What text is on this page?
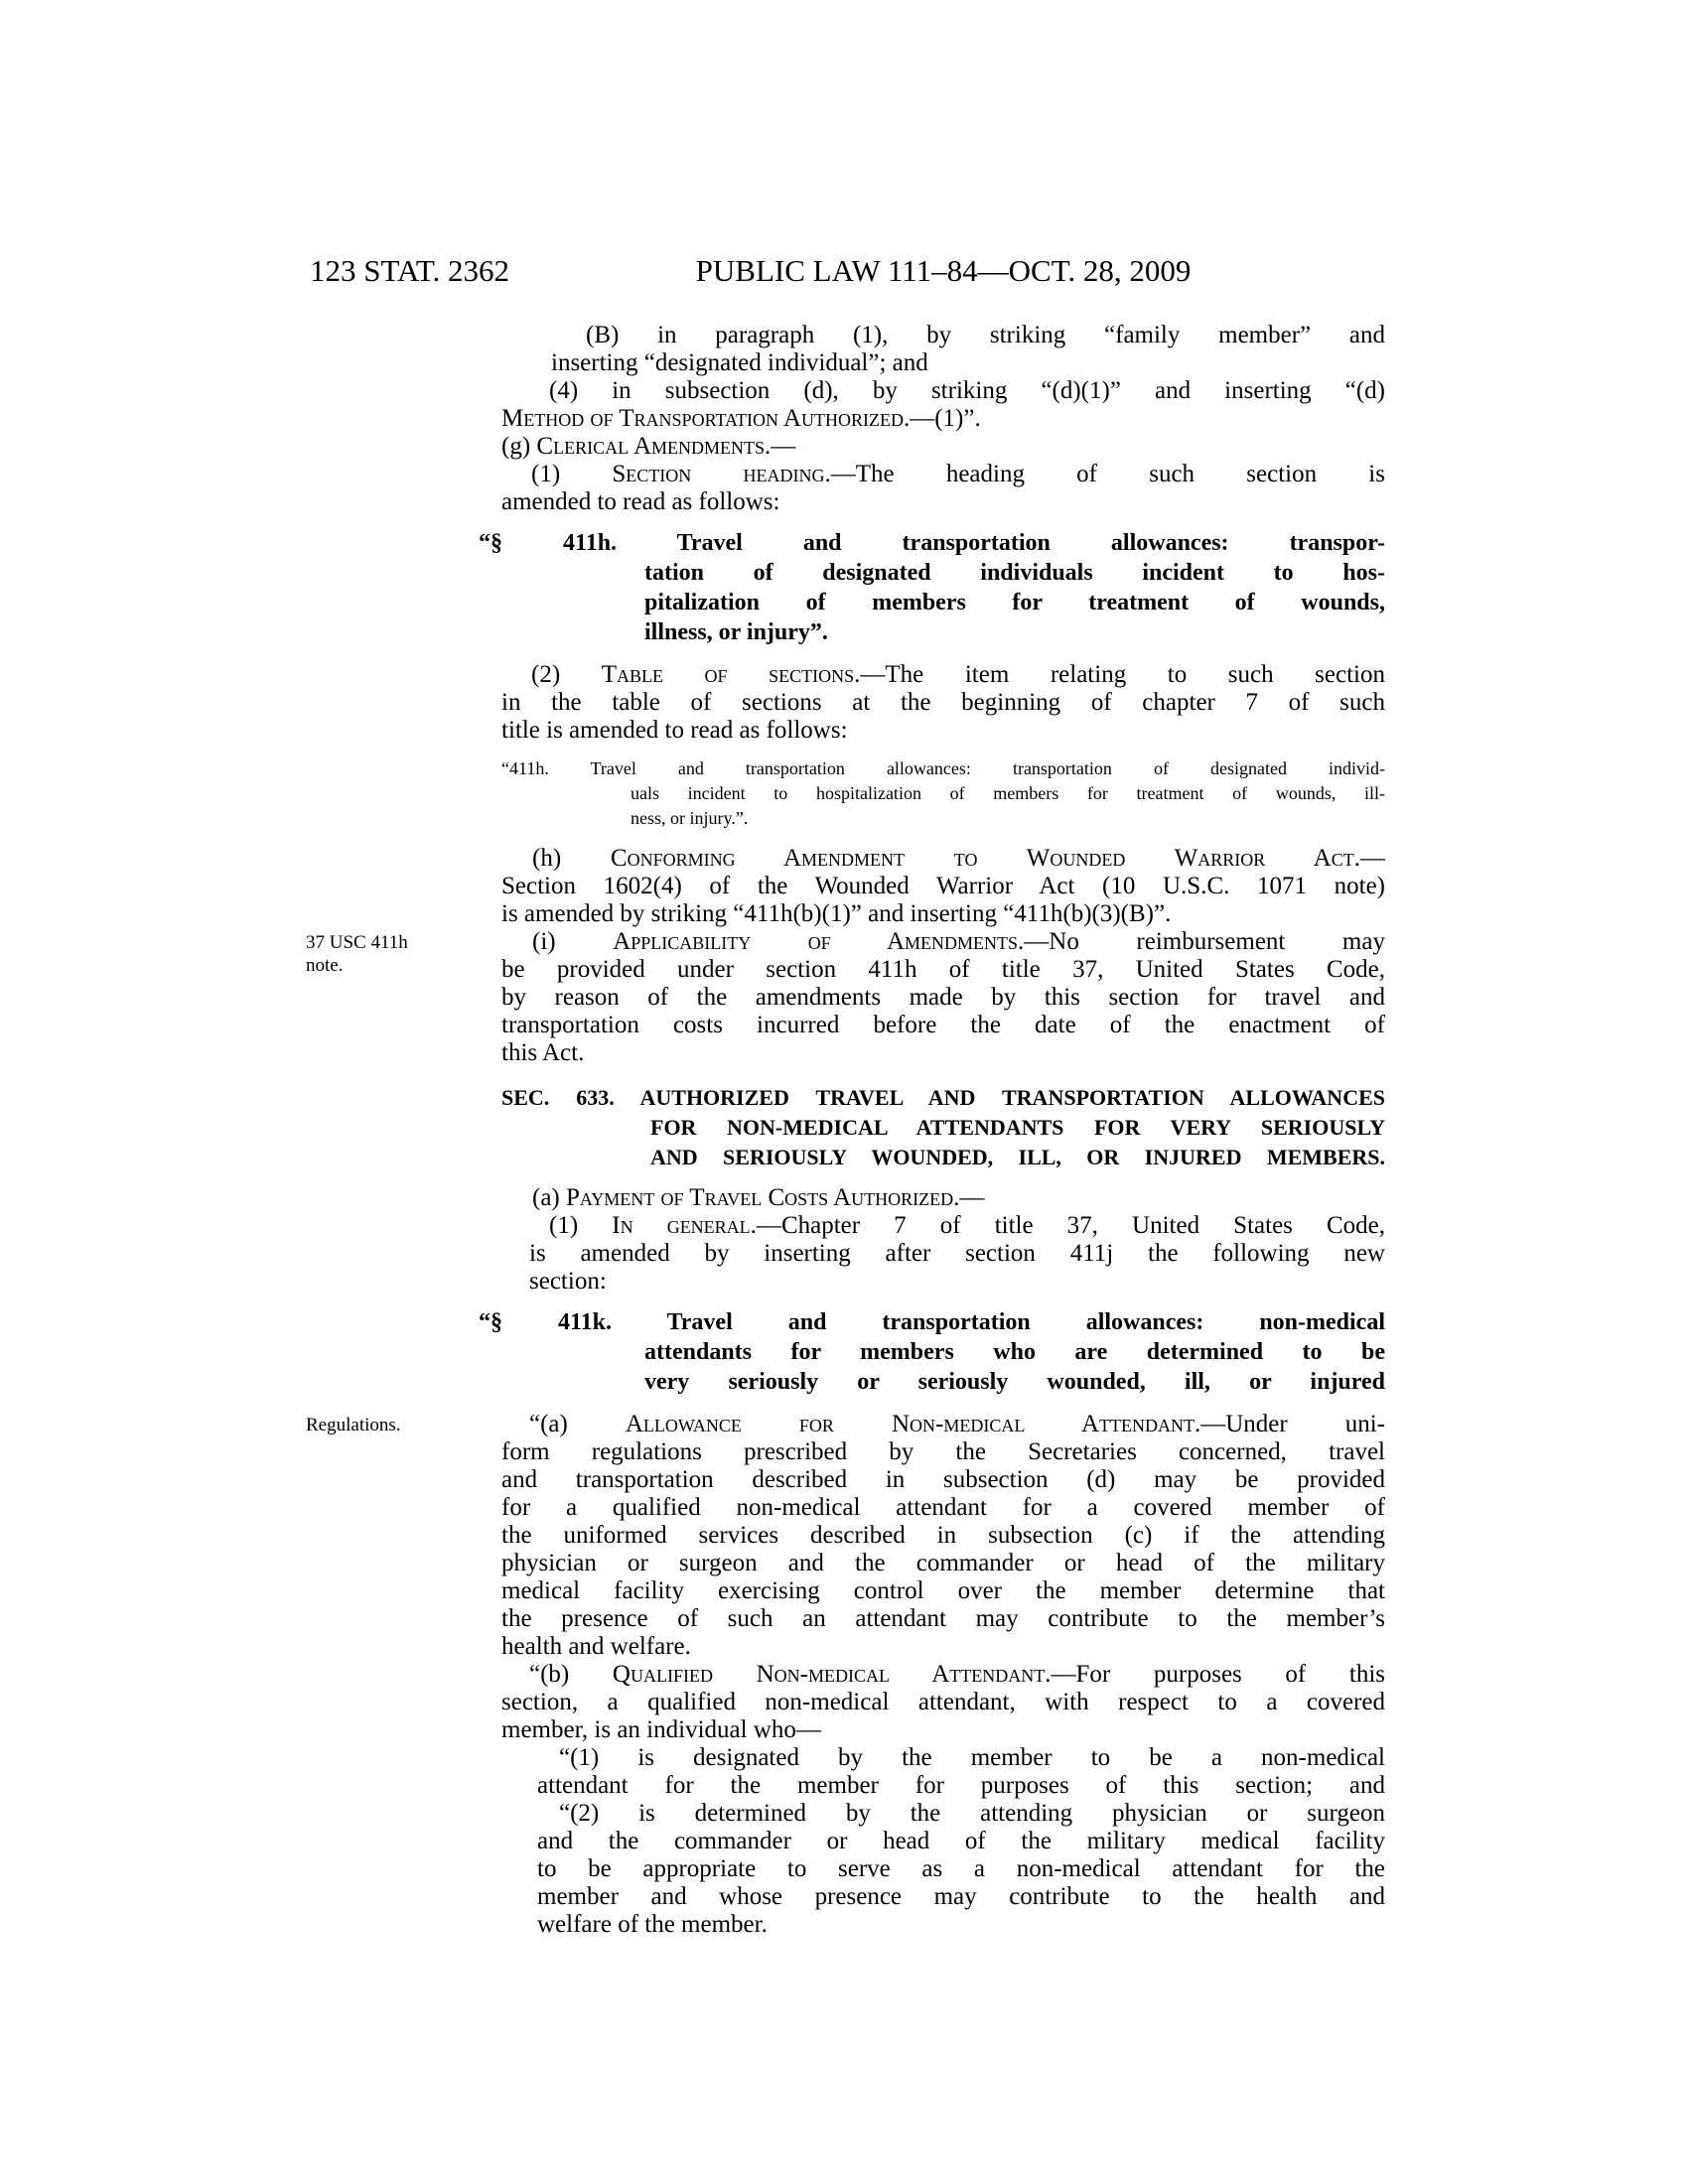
123 STAT. 2362	PUBLIC LAW 111–84—OCT. 28, 2009
37 USC 411h
note.
Regulations.
(B) in paragraph (1), by striking “family member” and
inserting “designated individual”; and
(4) in subsection (d), by striking “(d)(1)” and inserting “(d)
Method of Transportation Authorized.—(1)”.
(g) Clerical Amendments.—
(1) Section heading.—The heading of such section is
amended to read as follows:
“§ 411h. Travel and transportation allowances: transpor-
tation of designated individuals incident to hos-
pitalization of members for treatment of wounds,
illness, or injury”.
(2) Table of sections.—The item relating to such section
in the table of sections at the beginning of chapter 7 of such
title is amended to read as follows:
“411h. Travel and transportation allowances: transportation of designated individ-
uals incident to hospitalization of members for treatment of wounds, ill-
ness, or injury.”.
(h) Conforming Amendment to Wounded Warrior Act.—
Section 1602(4) of the Wounded Warrior Act (10 U.S.C. 1071 note)
is amended by striking “411h(b)(1)” and inserting “411h(b)(3)(B)”.
(i) Applicability of Amendments.—No reimbursement may
be provided under section 411h of title 37, United States Code,
by reason of the amendments made by this section for travel and
transportation costs incurred before the date of the enactment of
this Act.
SEC. 633. AUTHORIZED TRAVEL AND TRANSPORTATION ALLOWANCES
FOR NON-MEDICAL ATTENDANTS FOR VERY SERIOUSLY
AND SERIOUSLY WOUNDED, ILL, OR INJURED MEMBERS.
(a) Payment of Travel Costs Authorized.—
(1) In general.—Chapter 7 of title 37, United States Code,
is amended by inserting after section 411j the following new
section:
“§ 411k. Travel and transportation allowances: non-medical
attendants for members who are determined to be
very seriously or seriously wounded, ill, or injured
“(a) Allowance for Non-medical Attendant.—Under uni-
form regulations prescribed by the Secretaries concerned, travel
and transportation described in subsection (d) may be provided
for a qualified non-medical attendant for a covered member of
the uniformed services described in subsection (c) if the attending
physician or surgeon and the commander or head of the military
medical facility exercising control over the member determine that
the presence of such an attendant may contribute to the member’s
health and welfare.
“(b) Qualified Non-medical Attendant.—For purposes of this
section, a qualified non-medical attendant, with respect to a covered
member, is an individual who—
“(1) is designated by the member to be a non-medical
attendant for the member for purposes of this section; and
“(2) is determined by the attending physician or surgeon
and the commander or head of the military medical facility
to be appropriate to serve as a non-medical attendant for the
member and whose presence may contribute to the health and
welfare of the member.
